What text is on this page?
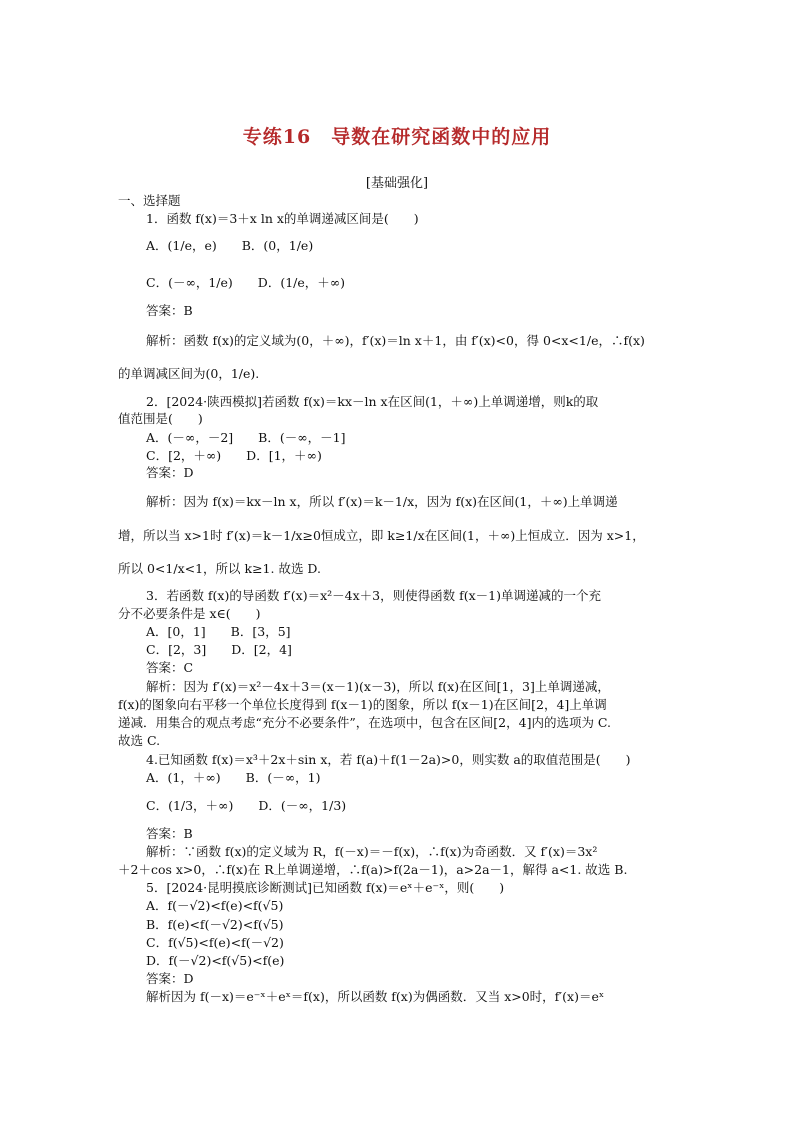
专练16　导数在研究函数中的应用
[基础强化]
一、选择题
1．函数 f(x)＝3＋x ln x的单调递减区间是(　　)
A．(1/e，e)　　B．(0，1/e)
C．(－∞，1/e)　　D．(1/e，＋∞)
答案：B
解析：函数 f(x)的定义域为(0，＋∞)，f′(x)＝ln x＋1，由 f′(x)<0，得 0<x<1/e，∴f(x)
的单调减区间为(0，1/e).
2．[2024·陕西模拟]若函数 f(x)＝kx－ln x在区间(1，＋∞)上单调递增，则k的取
值范围是(　　)
A．(－∞，－2]　　B．(－∞，－1]
C．[2，＋∞)　　D．[1，＋∞)
答案：D
解析：因为 f(x)＝kx－ln x，所以 f′(x)＝k－1/x，因为 f(x)在区间(1，＋∞)上单调递
增，所以当 x>1时 f′(x)＝k－1/x≥0恒成立，即 k≥1/x在区间(1，＋∞)上恒成立．因为 x>1，
所以 0<1/x<1，所以 k≥1. 故选 D.
3．若函数 f(x)的导函数 f′(x)＝x²－4x＋3，则使得函数 f(x－1)单调递减的一个充
分不必要条件是 x∈(　　)
A．[0，1]　　B．[3，5]
C．[2，3]　　D．[2，4]
答案：C
解析：因为 f′(x)＝x²－4x＋3＝(x－1)(x－3)，所以 f(x)在区间[1，3]上单调递减，
f(x)的图象向右平移一个单位长度得到 f(x－1)的图象，所以 f(x－1)在区间[2，4]上单调
递减．用集合的观点考虑“充分不必要条件”，在选项中，包含在区间[2，4]内的选项为 C.
故选 C.
4.已知函数 f(x)＝x³＋2x＋sin x，若 f(a)＋f(1－2a)>0，则实数 a的取值范围是(　　)
A．(1，＋∞)　　B．(－∞，1)
C．(1/3，＋∞)　　D．(－∞，1/3)
答案：B
解析：∵函数 f(x)的定义域为 R，f(－x)＝－f(x)，∴f(x)为奇函数．又 f′(x)＝3x²
＋2＋cos x>0，∴f(x)在 R上单调递增，∴f(a)>f(2a－1)，a>2a－1，解得 a<1. 故选 B.
5．[2024·昆明摸底诊断测试]已知函数 f(x)＝eˣ＋e⁻ˣ，则(　　)
A．f(－√2)<f(e)<f(√5)
B．f(e)<f(－√2)<f(√5)
C．f(√5)<f(e)<f(－√2)
D．f(－√2)<f(√5)<f(e)
答案：D
解析因为 f(－x)＝e⁻ˣ＋eˣ＝f(x)，所以函数 f(x)为偶函数．又当 x>0时，f′(x)＝eˣ
